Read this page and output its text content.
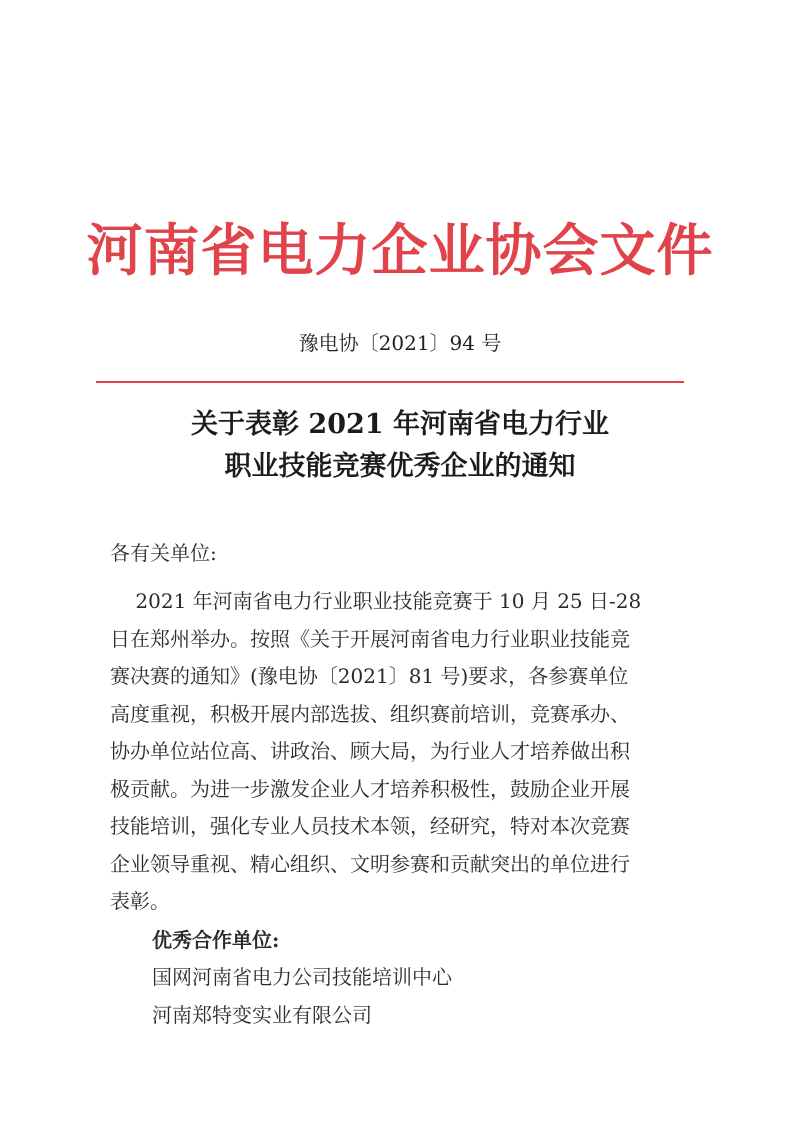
河南省电力企业协会文件
豫电协〔2021〕94 号
关于表彰 2021 年河南省电力行业
职业技能竞赛优秀企业的通知
各有关单位:
2021 年河南省电力行业职业技能竞赛于 10 月 25 日-28
日在郑州举办。按照《关于开展河南省电力行业职业技能竞
赛决赛的通知》(豫电协〔2021〕81 号)要求，各参赛单位
高度重视，积极开展内部选拔、组织赛前培训，竞赛承办、
协办单位站位高、讲政治、顾大局，为行业人才培养做出积
极贡献。为进一步激发企业人才培养积极性，鼓励企业开展
技能培训，强化专业人员技术本领，经研究，特对本次竞赛
企业领导重视、精心组织、文明参赛和贡献突出的单位进行
表彰。
优秀合作单位:
国网河南省电力公司技能培训中心
河南郑特变实业有限公司
